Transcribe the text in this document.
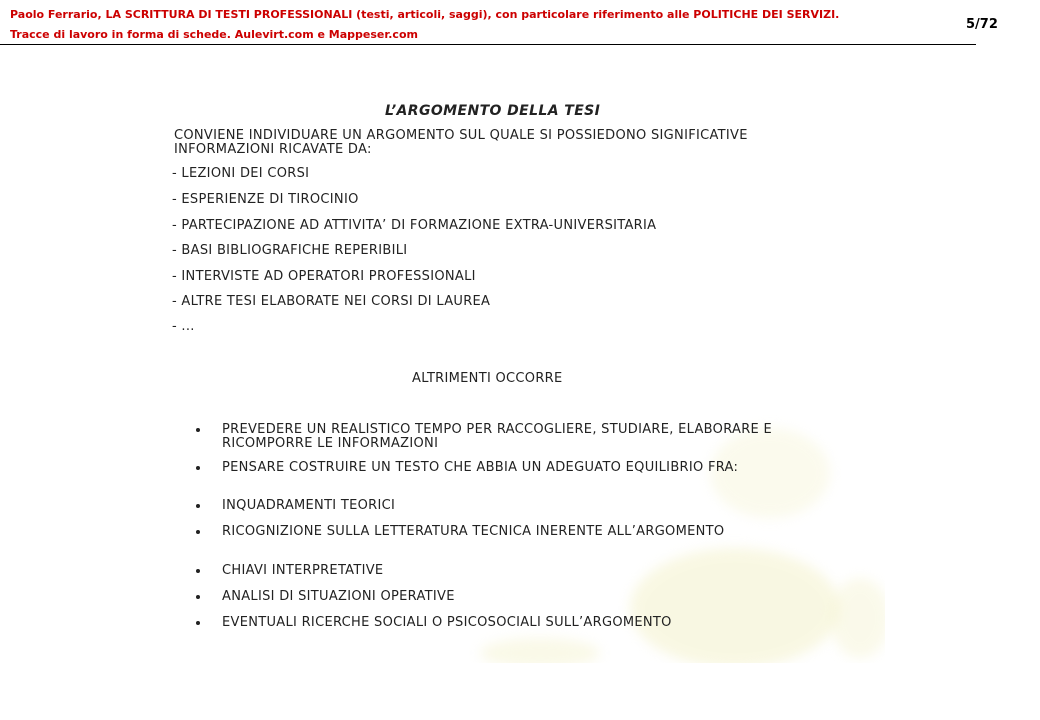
Paolo Ferrario, LA SCRITTURA DI TESTI PROFESSIONALI (testi, articoli, saggi), con particolare riferimento alle POLITICHE DEI SERVIZI.
Tracce di lavoro in forma di schede. Aulevirt.com e Mappeser.com
5/72
L’ARGOMENTO DELLA TESI
CONVIENE INDIVIDUARE UN ARGOMENTO SUL QUALE SI POSSIEDONO SIGNIFICATIVE INFORMAZIONI RICAVATE DA:
- LEZIONI DEI CORSI
- ESPERIENZE DI TIROCINIO
- PARTECIPAZIONE AD ATTIVITA’ DI FORMAZIONE EXTRA-UNIVERSITARIA
- BASI BIBLIOGRAFICHE REPERIBILI
- INTERVISTE AD OPERATORI PROFESSIONALI
- ALTRE TESI ELABORATE NEI CORSI DI LAUREA
- ...
ALTRIMENTI OCCORRE
PREVEDERE UN REALISTICO TEMPO PER RACCOGLIERE, STUDIARE, ELABORARE E RICOMPORRE LE INFORMAZIONI
PENSARE COSTRUIRE UN TESTO CHE ABBIA UN ADEGUATO EQUILIBRIO FRA:
INQUADRAMENTI TEORICI
RICOGNIZIONE SULLA LETTERATURA TECNICA INERENTE ALL’ARGOMENTO
CHIAVI INTERPRETATIVE
ANALISI DI SITUAZIONI OPERATIVE
EVENTUALI RICERCHE SOCIALI O PSICOSOCIALI SULL’ARGOMENTO
